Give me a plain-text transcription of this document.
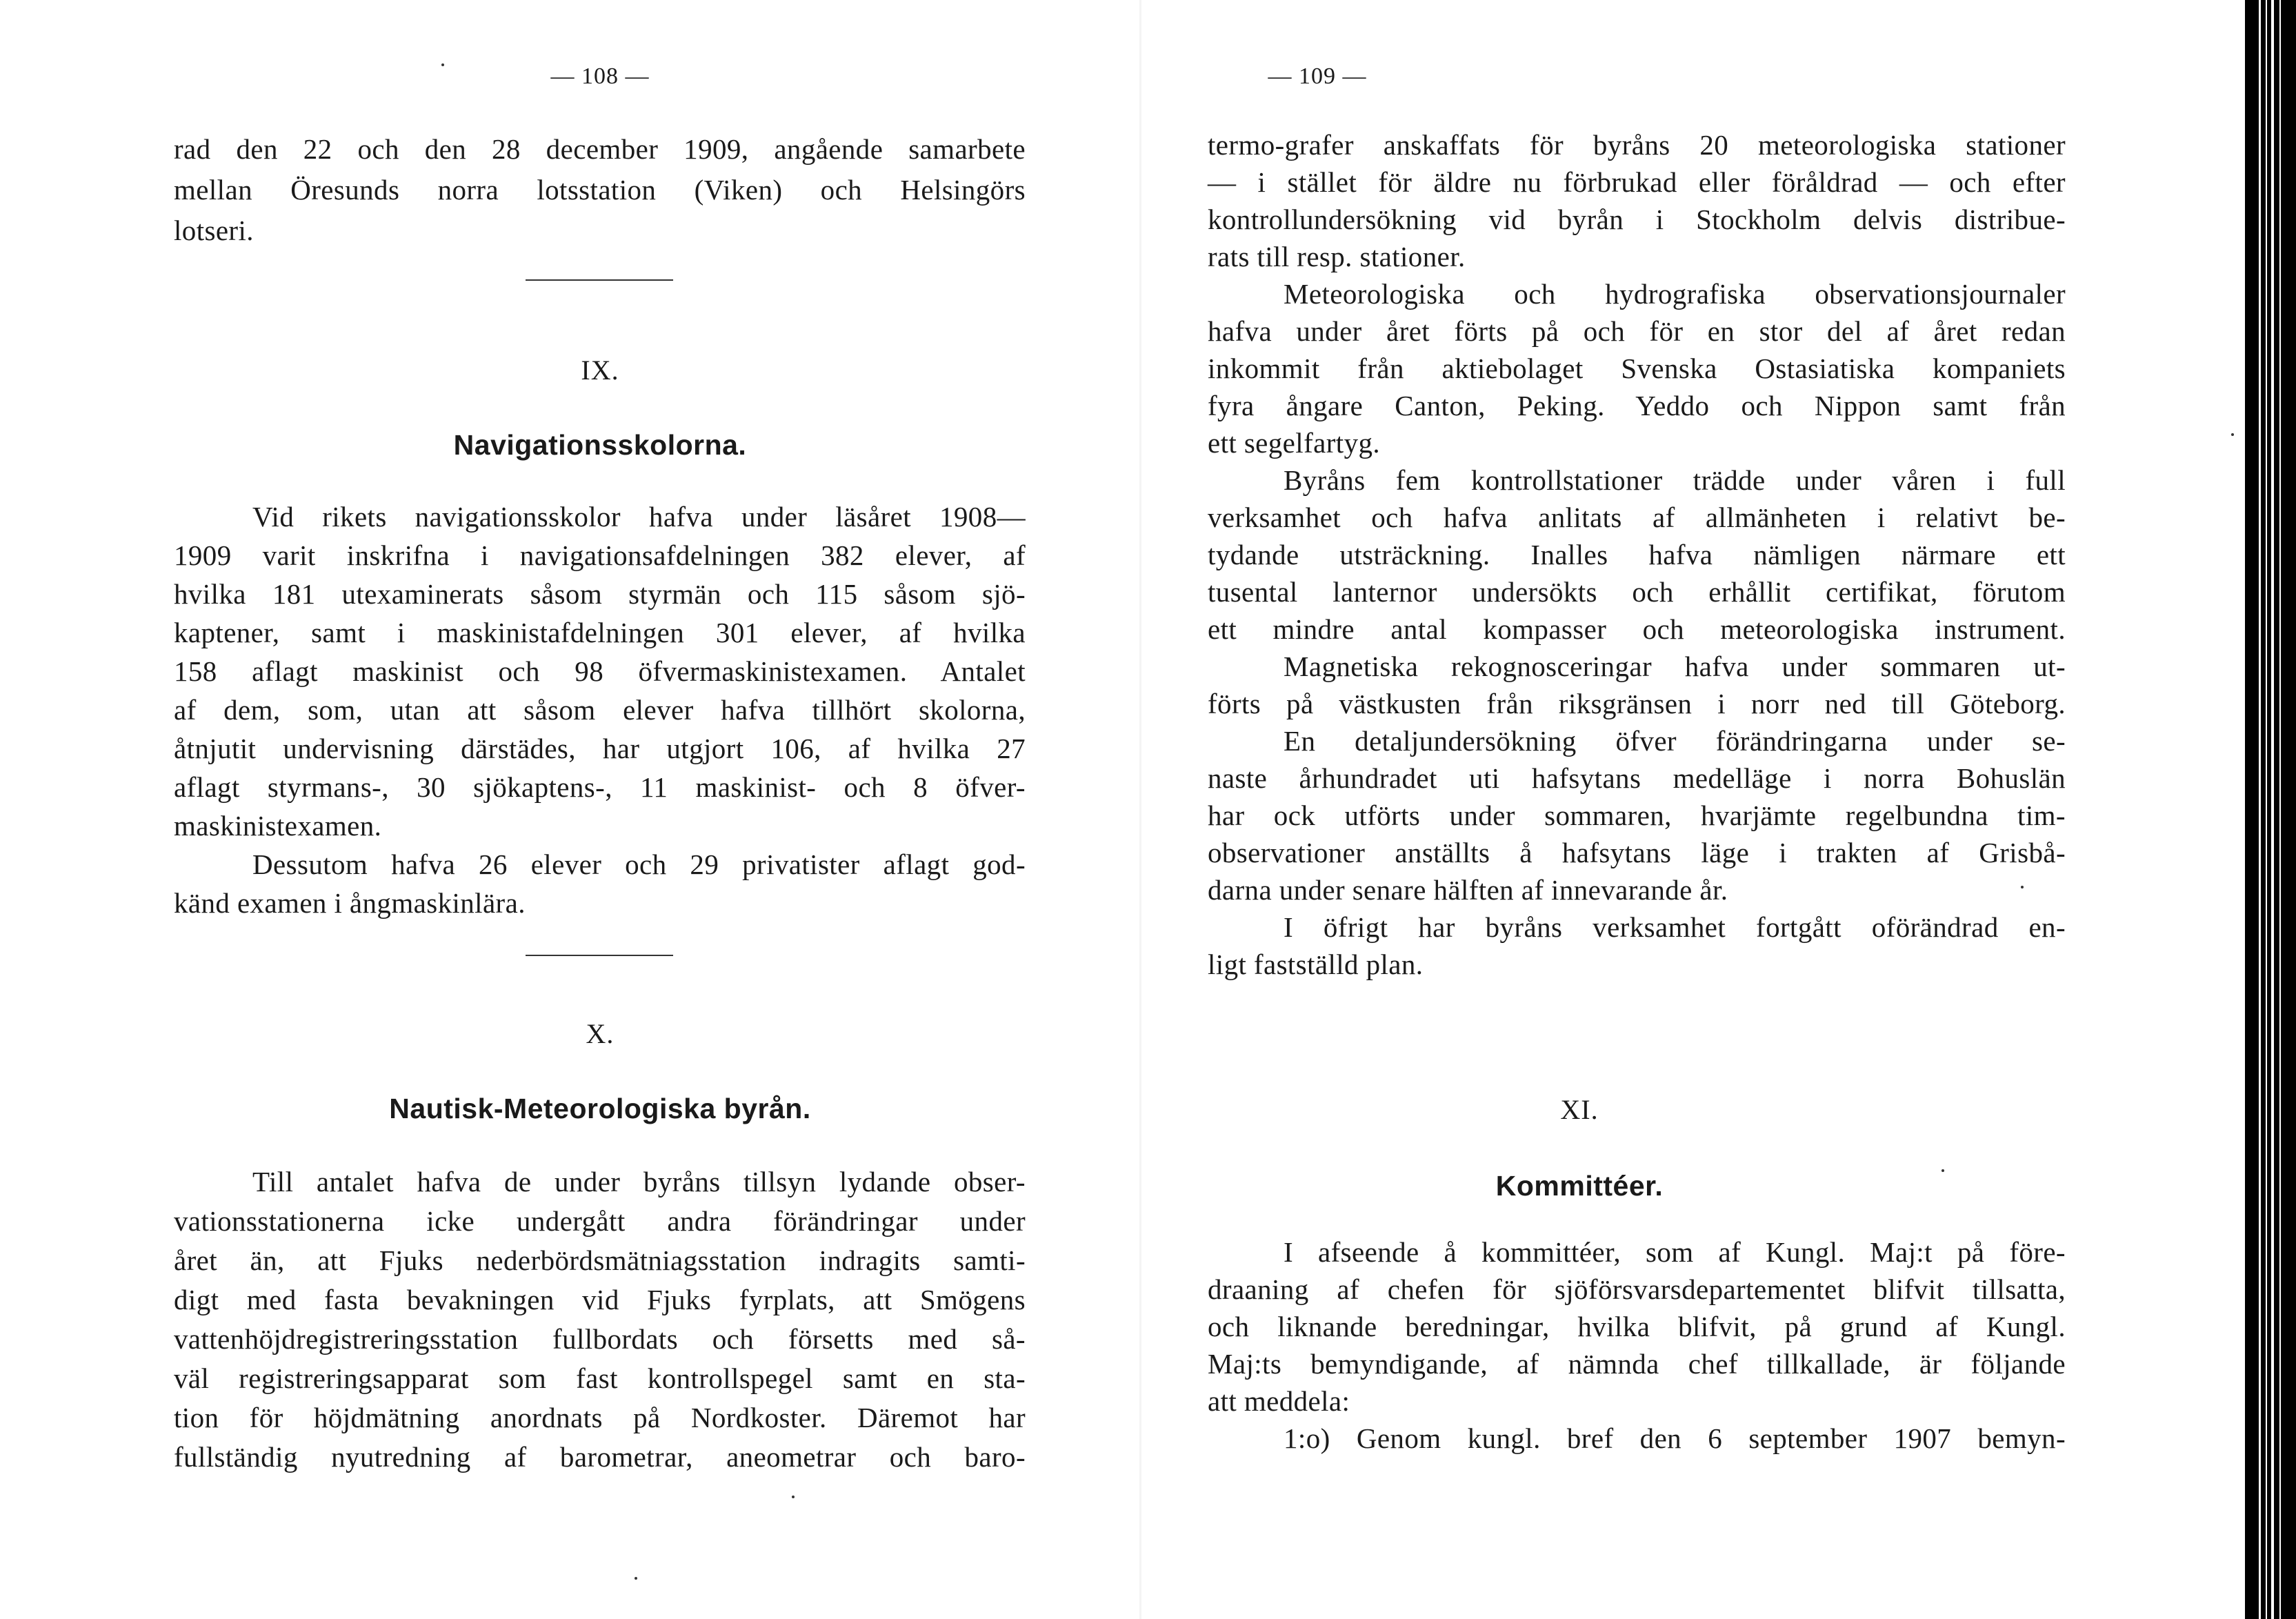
— 108 —
rad den 22 och den 28 december 1909, angående samarbete
mellan Öresunds norra lotsstation (Viken) och Helsingörs
lotseri.
IX.
Navigationsskolorna.
Vid rikets navigationsskolor hafva under läsåret 1908—
1909 varit inskrifna i navigationsafdelningen 382 elever, af
hvilka 181 utexaminerats såsom styrmän och 115 såsom sjö-
kaptener, samt i maskinistafdelningen 301 elever, af hvilka
158 aflagt maskinist och 98 öfvermaskinistexamen. Antalet
af dem, som, utan att såsom elever hafva tillhört skolorna,
åtnjutit undervisning därstädes, har utgjort 106, af hvilka 27
aflagt styrmans-, 30 sjökaptens-, 11 maskinist- och 8 öfver-
maskinistexamen.
Dessutom hafva 26 elever och 29 privatister aflagt god-
känd examen i ångmaskinlära.
X.
Nautisk-Meteorologiska byrån.
Till antalet hafva de under byråns tillsyn lydande obser-
vationsstationerna icke undergått andra förändringar under
året än, att Fjuks nederbördsmätniagsstation indragits samti-
digt med fasta bevakningen vid Fjuks fyrplats, att Smögens
vattenhöjdregistreringsstation fullbordats och försetts med så-
väl registreringsapparat som fast kontrollspegel samt en sta-
tion för höjdmätning anordnats på Nordkoster. Däremot har
fullständig nyutredning af barometrar, aneometrar och baro-
— 109 —
termo-grafer anskaffats för byråns 20 meteorologiska stationer
— i stället för äldre nu förbrukad eller föråldrad — och efter
kontrollundersökning vid byrån i Stockholm delvis distribue-
rats till resp. stationer.
Meteorologiska och hydrografiska observationsjournaler
hafva under året förts på och för en stor del af året redan
inkommit från aktiebolaget Svenska Ostasiatiska kompaniets
fyra ångare Canton, Peking. Yeddo och Nippon samt från
ett segelfartyg.
Byråns fem kontrollstationer trädde under våren i full
verksamhet och hafva anlitats af allmänheten i relativt be-
tydande utsträckning. Inalles hafva nämligen närmare ett
tusental lanternor undersökts och erhållit certifikat, förutom
ett mindre antal kompasser och meteorologiska instrument.
Magnetiska rekognosceringar hafva under sommaren ut-
förts på västkusten från riksgränsen i norr ned till Göteborg.
En detaljundersökning öfver förändringarna under se-
naste århundradet uti hafsytans medelläge i norra Bohuslän
har ock utförts under sommaren, hvarjämte regelbundna tim-
observationer anställts å hafsytans läge i trakten af Grisbå-
darna under senare hälften af innevarande år.
I öfrigt har byråns verksamhet fortgått oförändrad en-
ligt fastställd plan.
XI.
Kommittéer.
I afseende å kommittéer, som af Kungl. Maj:t på före-
draaning af chefen för sjöförsvarsdepartementet blifvit tillsatta,
och liknande beredningar, hvilka blifvit, på grund af Kungl.
Maj:ts bemyndigande, af nämnda chef tillkallade, är följande
att meddela:
1:o) Genom kungl. bref den 6 september 1907 bemyn-
